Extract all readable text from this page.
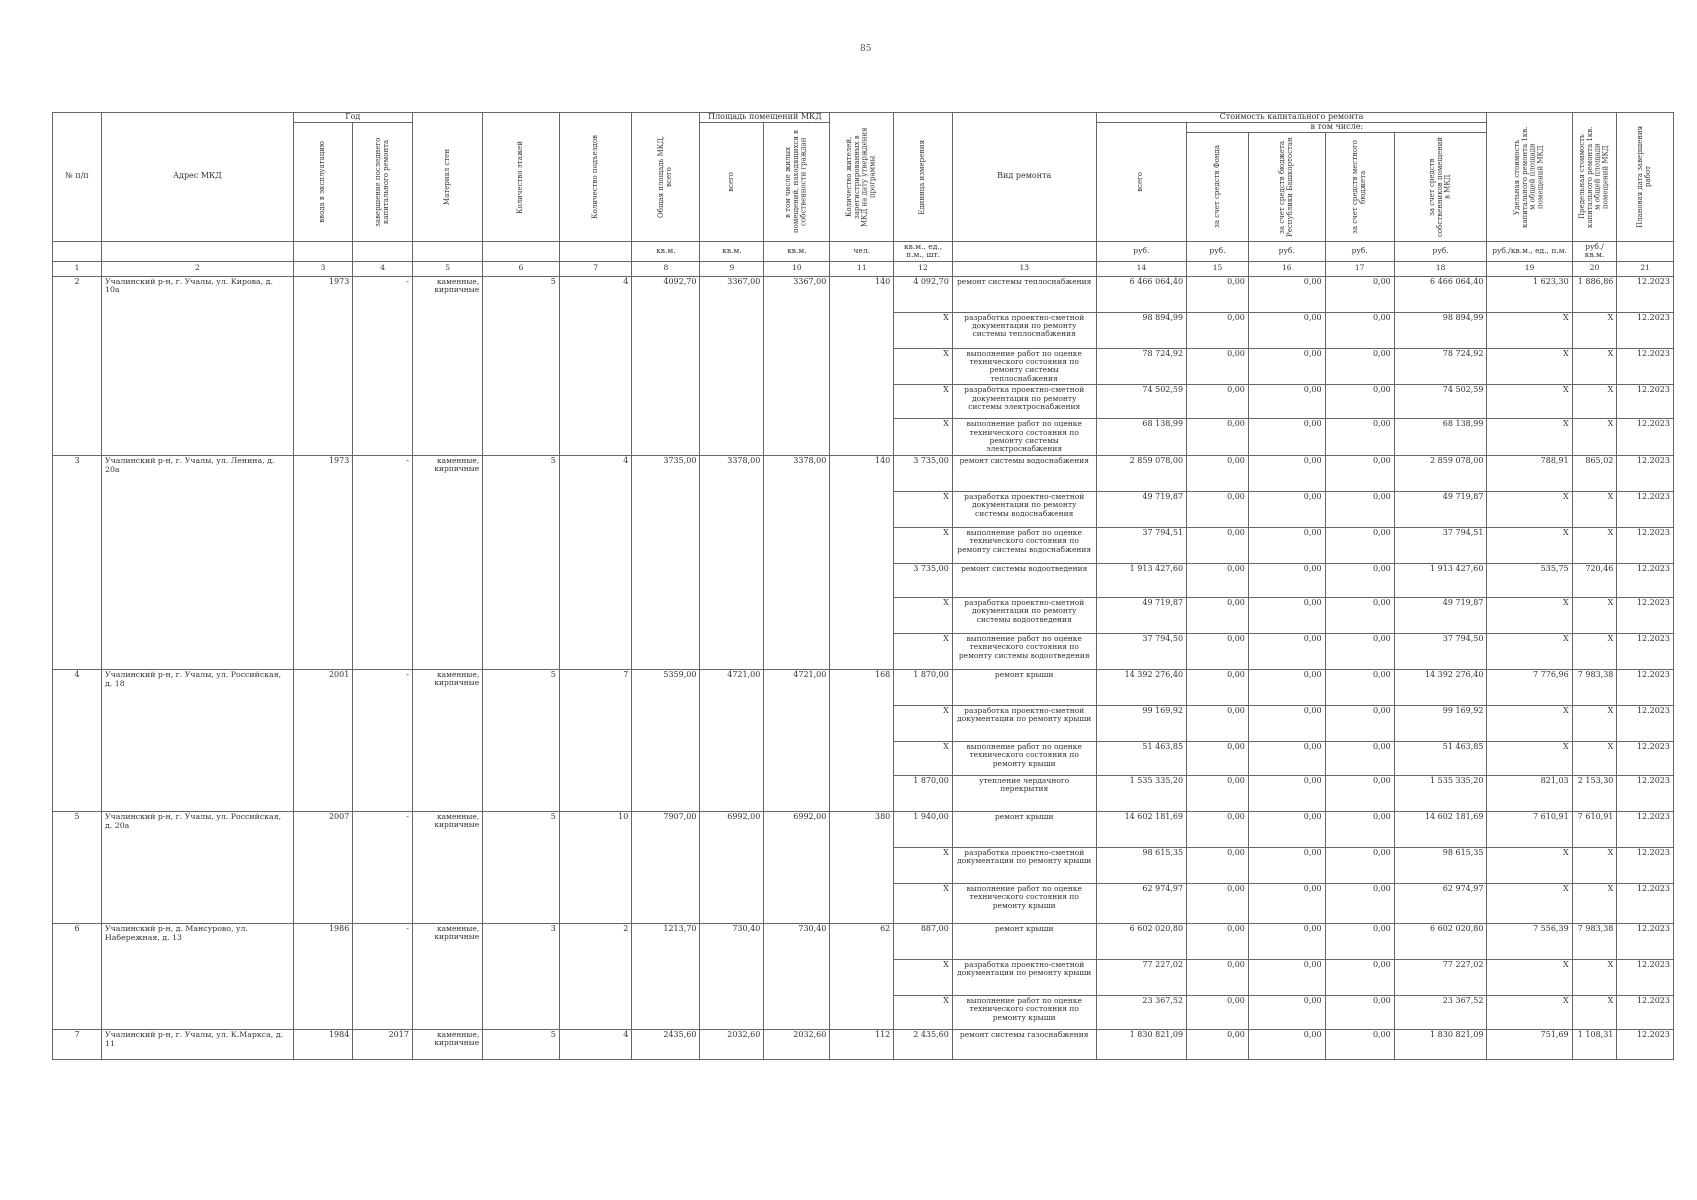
85
№ п/п	Адрес МКД	Год		Материал стен	Количество этажей	Количество подъездов	Общая площадь МКД, всего	Площадь помещений МКД		Количество жителей, зарегистрированных в МКД на дату утверждения программы	Единица измерения	Вид ремонта	Стоимость капитального ремонта					Удельная стоимость капитального ремонта 1кв. м общей площади помещений МКД	Предельная стоимость капитального ремонта 1кв. м общей площади помещений МКД	Плановая дата завершения работ

		ввода в эксплуатацию	завершение последнего капитального ремонта					всего	в том числе жилых помещений, находящихся в собственности граждан				всего	в том числе:						

														за счет средств Фонда	за счет средств бюджета Республики Башкортостан	за счет средств местного бюджета	за счет средств собственников помещений в МКД			

							кв.м.	кв.м.	кв.м.	чел.	кв.м., ед., п.м., шт.		руб.	руб.	руб.	руб.	руб.	руб./кв.м., ед., п.м.	руб./кв.м.	
1	2	3	4	5	6	7	8	9	10	11	12	13	14	15	16	17	18	19	20	21
2	Учалинский р-н, г. Учалы, ул. Кирова, д. 10а	1973	-	каменные, кирпичные	5	4	4092,70	3367,00	3367,00	140	4 092,70	ремонт системы теплоснабжения	6 466 064,40	0,00	0,00	0,00	6 466 064,40	1 623,30	1 886,86	12.2023
											X	разработка проектно-сметной документации по ремонту системы теплоснабжения	98 894,99	0,00	0,00	0,00	98 894,99	X	X	12.2023
											X	выполнение работ по оценке технического состояния по ремонту системы теплоснабжения	78 724,92	0,00	0,00	0,00	78 724,92	X	X	12.2023
											X	разработка проектно-сметной документации по ремонту системы электроснабжения	74 502,59	0,00	0,00	0,00	74 502,59	X	X	12.2023
											X	выполнение работ по оценке технического состояния по ремонту системы электроснабжения	68 138,99	0,00	0,00	0,00	68 138,99	X	X	12.2023
3	Учалинский р-н, г. Учалы, ул. Ленина, д. 20а	1973	-	каменные, кирпичные	5	4	3735,00	3378,00	3378,00	140	3 735,00	ремонт системы водоснабжения	2 859 078,00	0,00	0,00	0,00	2 859 078,00	788,91	865,02	12.2023
											X	разработка проектно-сметной документации по ремонту системы водоснабжения	49 719,87	0,00	0,00	0,00	49 719,87	X	X	12.2023
											X	выполнение работ по оценке технического состояния по ремонту системы водоснабжения	37 794,51	0,00	0,00	0,00	37 794,51	X	X	12.2023
											3 735,00	ремонт системы водоотведения	1 913 427,60	0,00	0,00	0,00	1 913 427,60	535,75	720,46	12.2023
											X	разработка проектно-сметной документации по ремонту системы водоотведения	49 719,87	0,00	0,00	0,00	49 719,87	X	X	12.2023
											X	выполнение работ по оценке технического состояния по ремонту системы водоотведения	37 794,50	0,00	0,00	0,00	37 794,50	X	X	12.2023
4	Учалинский р-н, г. Учалы, ул. Российская, д. 18	2001	-	каменные, кирпичные	5	7	5359,00	4721,00	4721,00	168	1 870,00	ремонт крыши	14 392 276,40	0,00	0,00	0,00	14 392 276,40	7 776,96	7 983,38	12.2023
											X	разработка проектно-сметной документации по ремонту крыши	99 169,92	0,00	0,00	0,00	99 169,92	X	X	12.2023
											X	выполнение работ по оценке технического состояния по ремонту крыши	51 463,85	0,00	0,00	0,00	51 463,85	X	X	12.2023
											1 870,00	утепление чердачного перекрытия	1 535 335,20	0,00	0,00	0,00	1 535 335,20	821,03	2 153,30	12.2023
5	Учалинский р-н, г. Учалы, ул. Российская, д. 20а	2007	-	каменные, кирпичные	5	10	7907,00	6992,00	6992,00	380	1 940,00	ремонт крыши	14 602 181,69	0,00	0,00	0,00	14 602 181,69	7 610,91	7 610,91	12.2023
											X	разработка проектно-сметной документации по ремонту крыши	98 615,35	0,00	0,00	0,00	98 615,35	X	X	12.2023
											X	выполнение работ по оценке технического состояния по ремонту крыши	62 974,97	0,00	0,00	0,00	62 974,97	X	X	12.2023
6	Учалинский р-н, д. Мансурово, ул. Набережная, д. 13	1986	-	каменные, кирпичные	3	2	1213,70	730,40	730,40	62	887,00	ремонт крыши	6 602 020,80	0,00	0,00	0,00	6 602 020,80	7 556,39	7 983,38	12.2023
											X	разработка проектно-сметной документации по ремонту крыши	77 227,02	0,00	0,00	0,00	77 227,02	X	X	12.2023
											X	выполнение работ по оценке технического состояния по ремонту крыши	23 367,52	0,00	0,00	0,00	23 367,52	X	X	12.2023
7	Учалинский р-н, г. Учалы, ул. К.Маркса, д. 11	1984	2017	каменные, кирпичные	5	4	2435,60	2032,60	2032,60	112	2 435,60	ремонт системы газоснабжения	1 830 821,09	0,00	0,00	0,00	1 830 821,09	751,69	1 108,31	12.2023
